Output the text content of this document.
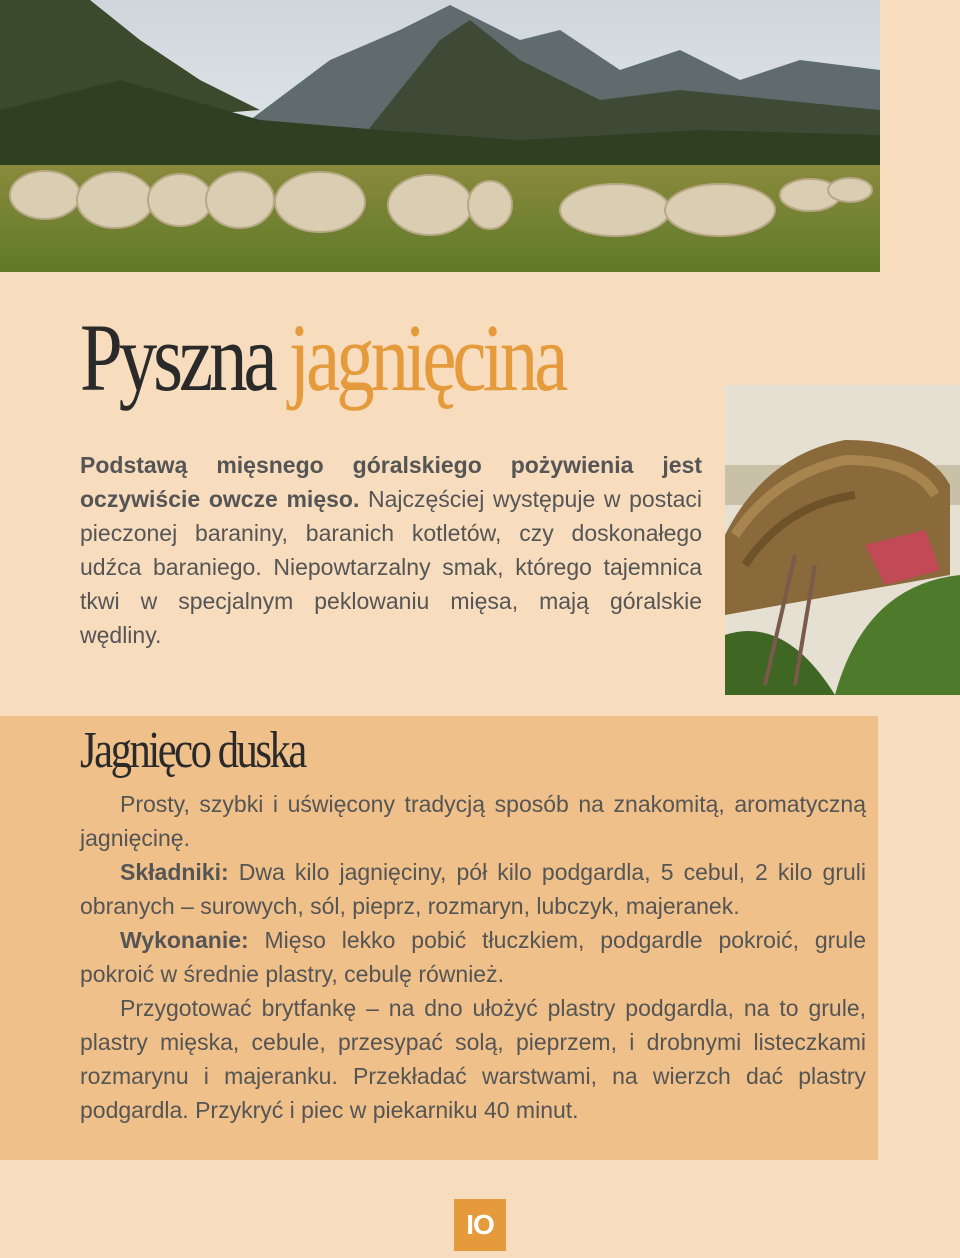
Pyszna jagnięcina

Podstawą mięsnego góralskiego pożywienia jest oczywiście owcze mięso. Najczęściej występuje w postaci pieczonej baraniny, baranich kotletów, czy doskonałego udźca baraniego. Niepowtarzalny smak, którego tajemnica tkwi w specjalnym peklowaniu mięsa, mają góralskie wędliny.

Jagnięco duska

Prosty, szybki i uświęcony tradycją sposób na znakomitą, aromatyczną jagnięcinę.

Składniki: Dwa kilo jagnięciny, pół kilo podgardla, 5 cebul, 2 kilo gruli obranych – surowych, sól, pieprz, rozmaryn, lubczyk, majeranek.

Wykonanie: Mięso lekko pobić tłuczkiem, podgardle pokroić, grule pokroić w średnie plastry, cebulę również.

Przygotować brytfankę – na dno ułożyć plastry podgardla, na to grule, plastry mięska, cebule, przesypać solą, pieprzem, i drobnymi listeczkami rozmarynu i majeranku. Przekładać warstwami, na wierzch dać plastry podgardla. Przykryć i piec w piekarniku 40 minut.

IO
